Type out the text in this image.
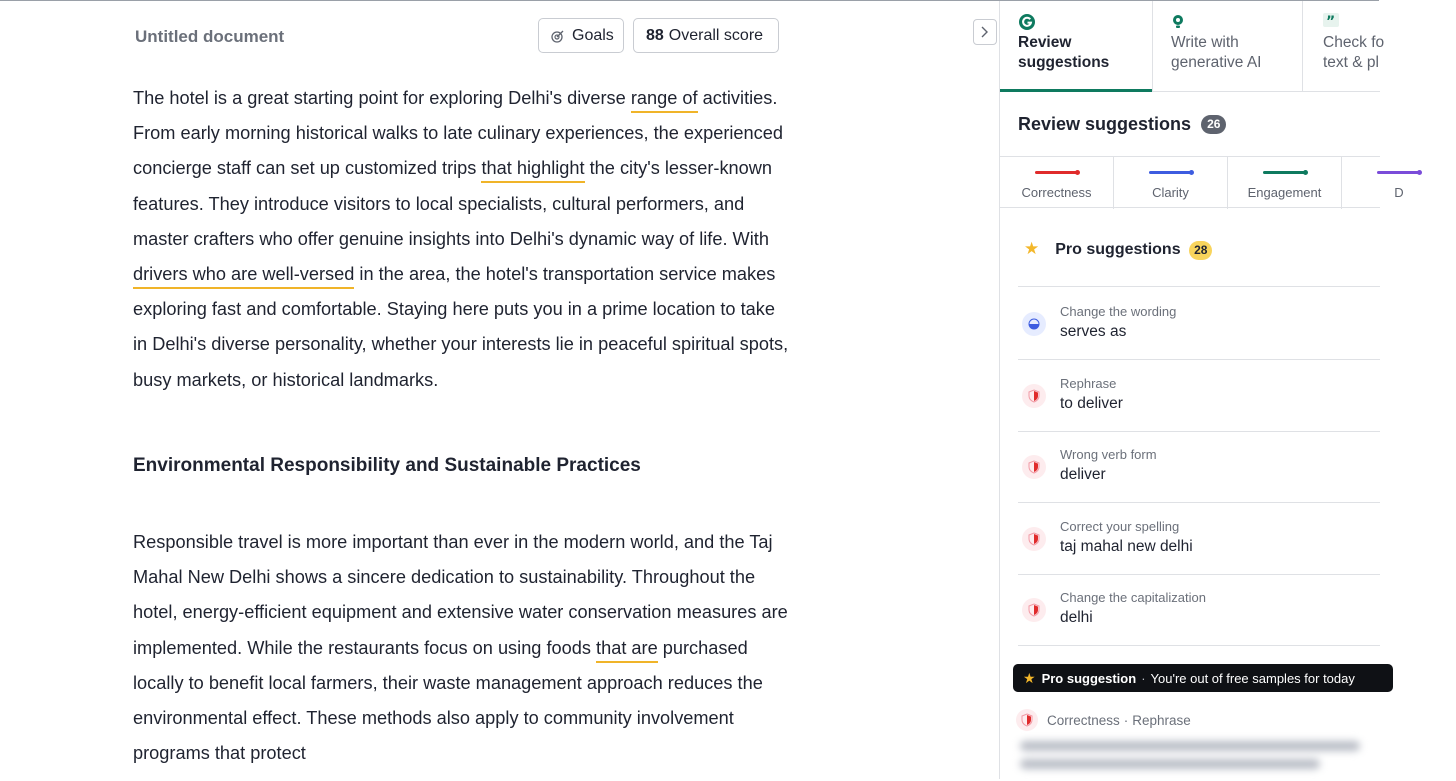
Untitled document	Goals 88 Overall score
The hotel is a great starting point for exploring Delhi's diverse range of activities. From early morning historical walks to late culinary experiences, the experienced concierge staff can set up customized trips that highlight the city's lesser-known features. They introduce visitors to local specialists, cultural performers, and master crafters who offer genuine insights into Delhi's dynamic way of life. With drivers who are well-versed in the area, the hotel's transportation service makes exploring fast and comfortable. Staying here puts you in a prime location to take in Delhi's diverse personality, whether your interests lie in peaceful spiritual spots, busy markets, or historical landmarks.
Environmental Responsibility and Sustainable Practices
Responsible travel is more important than ever in the modern world, and the Taj Mahal New Delhi shows a sincere dedication to sustainability. Throughout the hotel, energy-efficient equipment and extensive water conservation measures are implemented. While the restaurants focus on using foods that are purchased locally to benefit local farmers, their waste management approach reduces the environmental effect. These methods also apply to community involvement programs that protect
Review
suggestions
Write with
generative AI
”
Check fo
text & pl
Review suggestions	26
Correctness	Clarity	Engagement	D
★ Pro suggestions 28
Change the wording
serves as
Rephrase
to deliver
Wrong verb form
deliver
Correct your spelling
taj mahal new delhi
Change the capitalization
delhi
★ Pro suggestion · You're out of free samples for today
Correctness · Rephrase
